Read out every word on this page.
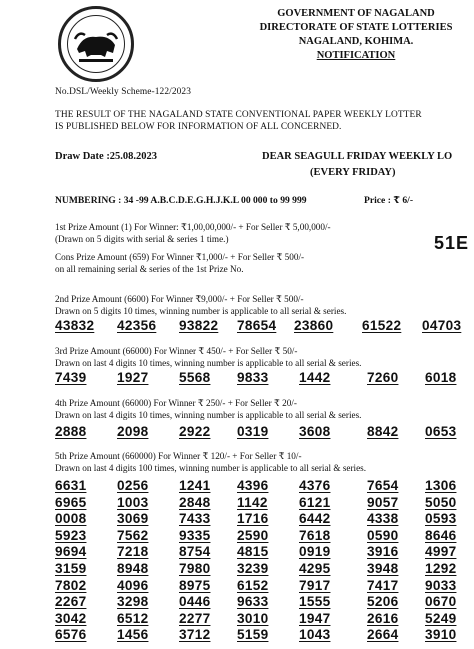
GOVERNMENT OF NAGALAND
DIRECTORATE OF STATE LOTTERIES
NAGALAND, KOHIMA.
NOTIFICATION
No.DSL/Weekly Scheme-122/2023
THE RESULT OF THE NAGALAND STATE CONVENTIONAL PAPER WEEKLY LOTTER
IS PUBLISHED BELOW FOR INFORMATION OF ALL CONCERNED.
Draw Date :25.08.2023	DEAR SEAGULL FRIDAY WEEKLY LO
(EVERY FRIDAY)
NUMBERING : 34 -99 A.B.C.D.E.G.H.J.K.L 00 000 to 99 999	Price : ₹ 6/-
1st Prize Amount (1) For Winner: ₹1,00,00,000/- + For Seller ₹ 5,00,000/-
(Drawn on 5 digits with serial & series 1 time.)
Cons Prize Amount (659) For Winner ₹1,000/- + For Seller ₹ 500/-
on all remaining serial & series of the 1st Prize No.
51E
2nd Prize Amount (6600) For Winner ₹9,000/- + For Seller ₹ 500/-
Drawn on 5 digits 10 times, winning number is applicable to all serial & series.
43832 42356 93822 78654 23860 61522 04703
3rd Prize Amount (66000) For Winner ₹ 450/- + For Seller ₹ 50/-
Drawn on last 4 digits 10 times, winning number is applicable to all serial & series.
7439 1927 5568 9833 1442	7260 6018
4th Prize Amount (66000) For Winner ₹ 250/- + For Seller ₹ 20/-
Drawn on last 4 digits 10 times, winning number is applicable to all serial & series.
2888 2098 2922 0319 3608	8842 0653
5th Prize Amount (660000) For Winner ₹ 120/- + For Seller ₹ 10/-
Drawn on last 4 digits 100 times, winning number is applicable to all serial & series.
6631 0256 1241 4396 4376	7654 1306
6965 1003 2848 1142 6121	9057 5050
0008 3069 7433 1716 6442	4338 0593
5923 7562 9335 2590 7618	0590 8646
9694 7218 8754 4815 0919	3916 4997
3159 8948 7980 3239 4295	3948 1292
7802 4096 8975 6152 7917	7417 9033
2267 3298 0446 9633 1555	5206 0670
3042 6512 2277 3010 1947	2616 5249
6576 1456 3712 5159 1043	2664 3910
